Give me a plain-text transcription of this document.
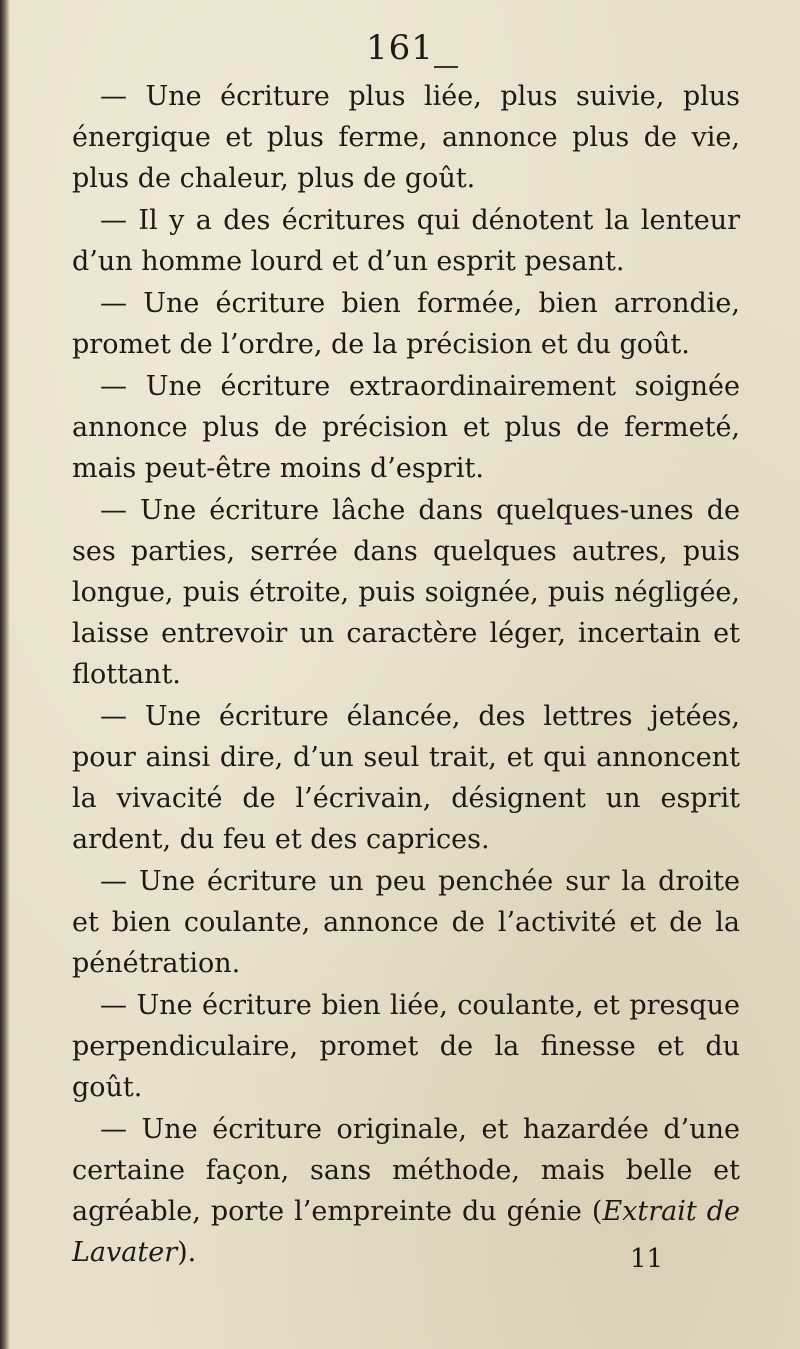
161

— Une écriture plus liée, plus suivie, plus énergique et plus ferme, annonce plus de vie, plus de chaleur, plus de goût.

— Il y a des écritures qui dénotent la lenteur d’un homme lourd et d’un esprit pesant.

— Une écriture bien formée, bien arrondie, promet de l’ordre, de la précision et du goût.

— Une écriture extraordinairement soignée annonce plus de précision et plus de fermeté, mais peut-être moins d’esprit.

— Une écriture lâche dans quelques-unes de ses parties, serrée dans quelques autres, puis longue, puis étroite, puis soignée, puis négligée, laisse entrevoir un caractère léger, incertain et flottant.

— Une écriture élancée, des lettres jetées, pour ainsi dire, d’un seul trait, et qui annoncent la vivacité de l’écrivain, désignent un esprit ardent, du feu et des caprices.

— Une écriture un peu penchée sur la droite et bien coulante, annonce de l’activité et de la pénétration.

— Une écriture bien liée, coulante, et presque perpendiculaire, promet de la finesse et du goût.

— Une écriture originale, et hazardée d’une certaine façon, sans méthode, mais belle et agréable, porte l’empreinte du génie (Extrait de Lavater).	11
